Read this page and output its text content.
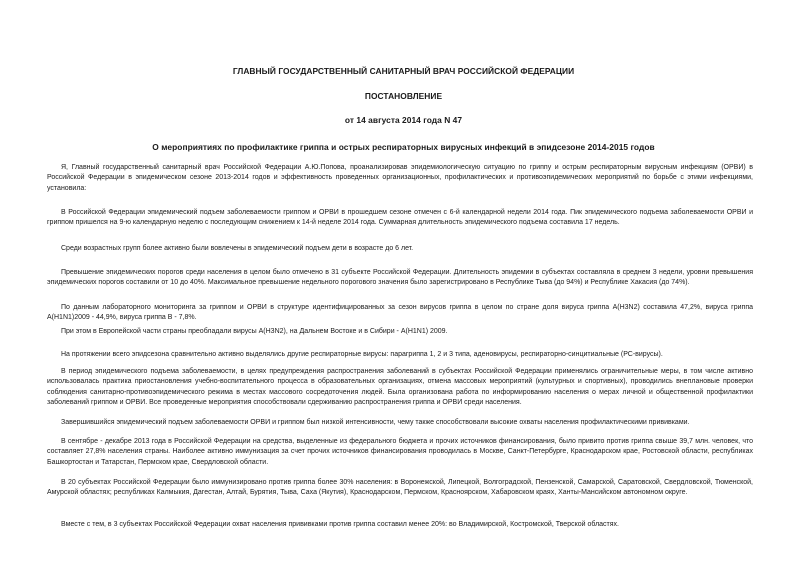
ГЛАВНЫЙ ГОСУДАРСТВЕННЫЙ САНИТАРНЫЙ ВРАЧ РОССИЙСКОЙ ФЕДЕРАЦИИ
ПОСТАНОВЛЕНИЕ
от 14 августа 2014 года N 47
О мероприятиях по профилактике гриппа и острых респираторных вирусных инфекций в эпидсезоне 2014-2015 годов
Я, Главный государственный санитарный врач Российской Федерации А.Ю.Попова, проанализировав эпидемиологическую ситуацию по гриппу и острым респираторным вирусным инфекциям (ОРВИ) в Российской Федерации в эпидемическом сезоне 2013-2014 годов и эффективность проведенных организационных, профилактических и противоэпидемических мероприятий по борьбе с этими инфекциями, установила:
В Российской Федерации эпидемический подъем заболеваемости гриппом и ОРВИ в прошедшем сезоне отмечен с 6-й календарной недели 2014 года. Пик эпидемического подъема заболеваемости ОРВИ и гриппом пришелся на 9-ю календарную неделю с последующим снижением к 14-й неделе 2014 года. Суммарная длительность эпидемического подъема составила 17 недель.
Среди возрастных групп более активно были вовлечены в эпидемический подъем дети в возрасте до 6 лет.
Превышение эпидемических порогов среди населения в целом было отмечено в 31 субъекте Российской Федерации. Длительность эпидемии в субъектах составляла в среднем 3 недели, уровни превышения эпидемических порогов составили от 10 до 40%. Максимальное превышение недельного порогового значения было зарегистрировано в Республике Тыва (до 94%) и Республике Хакасия (до 74%).
По данным лабораторного мониторинга за гриппом и ОРВИ в структуре идентифицированных за сезон вирусов гриппа в целом по стране доля вируса гриппа A(H3N2) составила 47,2%, вируса гриппа A(H1N1)2009 - 44,9%, вируса гриппа B - 7,8%.
При этом в Европейской части страны преобладали вирусы A(H3N2), на Дальнем Востоке и в Сибири - A(H1N1) 2009.
На протяжении всего эпидсезона сравнительно активно выделялись другие респираторные вирусы: парагриппа 1, 2 и 3 типа, аденовирусы, респираторно-синцитиальные (РС-вирусы).
В период эпидемического подъема заболеваемости, в целях предупреждения распространения заболеваний в субъектах Российской Федерации применялись ограничительные меры, в том числе активно использовалась практика приостановления учебно-воспитательного процесса в образовательных организациях, отмена массовых мероприятий (культурных и спортивных), проводились внеплановые проверки соблюдения санитарно-противоэпидемического режима в местах массового сосредоточения людей. Была организована работа по информированию населения о мерах личной и общественной профилактики заболеваний гриппом и ОРВИ. Все проведенные мероприятия способствовали сдерживанию распространения гриппа и ОРВИ среди населения.
Завершившийся эпидемический подъем заболеваемости ОРВИ и гриппом был низкой интенсивности, чему также способствовали высокие охваты населения профилактическими прививками.
В сентябре - декабре 2013 года в Российской Федерации на средства, выделенные из федерального бюджета и прочих источников финансирования, было привито против гриппа свыше 39,7 млн. человек, что составляет 27,8% населения страны. Наиболее активно иммунизация за счет прочих источников финансирования проводилась в Москве, Санкт-Петербурге, Краснодарском крае, Ростовской области, республиках Башкортостан и Татарстан, Пермском крае, Свердловской области.
В 20 субъектах Российской Федерации было иммунизировано против гриппа более 30% населения: в Воронежской, Липецкой, Волгоградской, Пензенской, Самарской, Саратовской, Свердловской, Тюменской, Амурской областях; республиках Калмыкия, Дагестан, Алтай, Бурятия, Тыва, Саха (Якутия), Краснодарском, Пермском, Красноярском, Хабаровском краях, Ханты-Мансийском автономном округе.
Вместе с тем, в 3 субъектах Российской Федерации охват населения прививками против гриппа составил менее 20%: во Владимирской, Костромской, Тверской областях.
